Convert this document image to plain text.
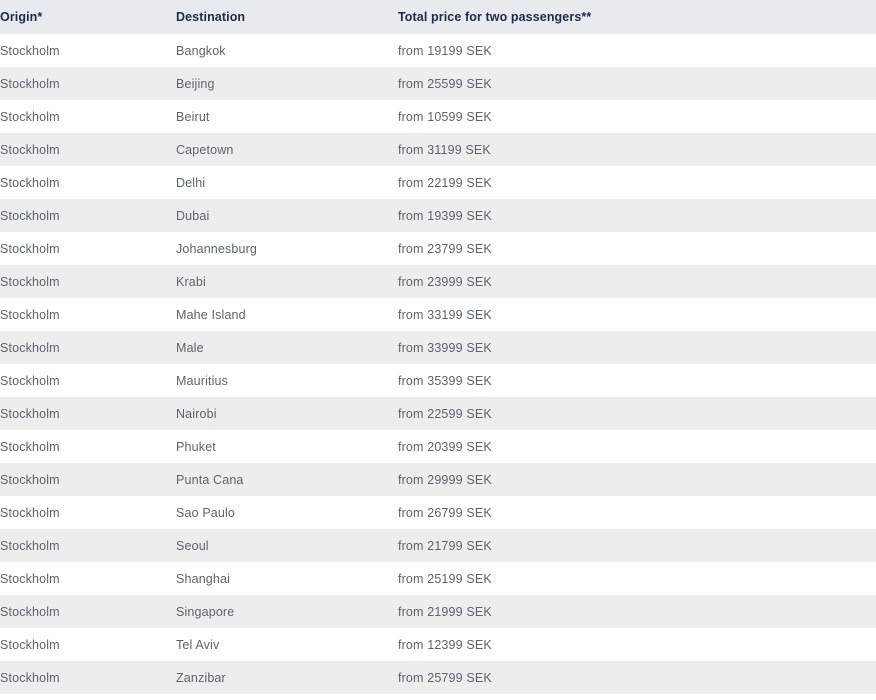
Origin*	Destination	Total price for two passengers**
Stockholm	Bangkok	from 19199 SEK
Stockholm	Beijing	from 25599 SEK
Stockholm	Beirut	from 10599 SEK
Stockholm	Capetown	from 31199 SEK
Stockholm	Delhi	from 22199 SEK
Stockholm	Dubai	from 19399 SEK
Stockholm	Johannesburg	from 23799 SEK
Stockholm	Krabi	from 23999 SEK
Stockholm	Mahe Island	from 33199 SEK
Stockholm	Male	from 33999 SEK
Stockholm	Mauritius	from 35399 SEK
Stockholm	Nairobi	from 22599 SEK
Stockholm	Phuket	from 20399 SEK
Stockholm	Punta Cana	from 29999 SEK
Stockholm	Sao Paulo	from 26799 SEK
Stockholm	Seoul	from 21799 SEK
Stockholm	Shanghai	from 25199 SEK
Stockholm	Singapore	from 21999 SEK
Stockholm	Tel Aviv	from 12399 SEK
Stockholm	Zanzibar	from 25799 SEK
